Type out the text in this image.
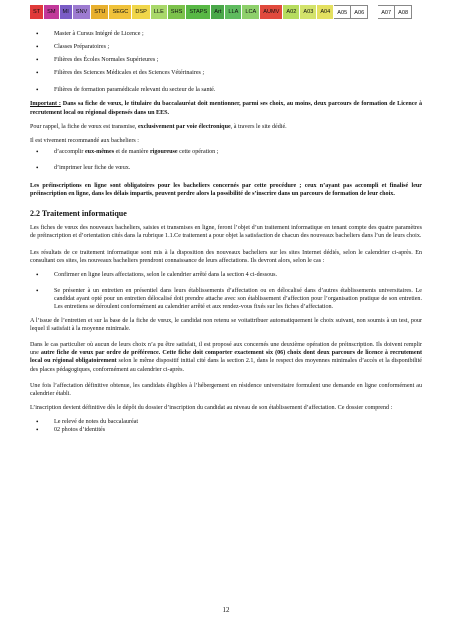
ST	SM	MI	SNV	STU	SEGC	DSP	LLE	SHS	STAPS	Art	LLA	LCA	AUMV	A02	A03	A04	A05	A06	A07	A08
• Master à Cursus Intégré de Licence ;
• Classes Préparatoires ;
• Filières des Écoles Normales Supérieures ;
• Filières des Sciences Médicales et des Sciences Vétérinaires ;
• Filières de formation paramédicale relevant du secteur de la santé.

Important : Dans sa fiche de vœux, le titulaire du baccalauréat doit mentionner, parmi ses choix, au moins, deux parcours de formation de Licence à recrutement local ou régional dispensés dans un EES.

Pour rappel, la fiche de vœux est transmise, exclusivement par voie électronique, à travers le site dédié.

Il est vivement recommandé aux bacheliers :

• d’accomplir eux-mêmes et de manière rigoureuse cette opération ;
• d’imprimer leur fiche de vœux.

Les préinscriptions en ligne sont obligatoires pour les bacheliers concernés par cette procédure ; ceux n’ayant pas accompli et finalisé leur préinscription en ligne, dans les délais impartis, peuvent perdre alors la possibilité de s’inscrire dans un parcours de formation de leur choix.

2.2 Traitement informatique

Les fiches de vœux des nouveaux bacheliers, saisies et transmises en ligne, feront l’objet d’un traitement informatique en tenant compte des quatre paramètres de préinscription et d’orientation cités dans la rubrique 1.1.Ce traitement a pour objet la satisfaction de chacun des nouveaux bacheliers dans l’un de leurs choix.

Les résultats de ce traitement informatique sont mis à la disposition des nouveaux bacheliers sur les sites Internet dédiés, selon le calendrier ci-après. En consultant ces sites, les nouveaux bacheliers prendront connaissance de leurs affectations. Ils devront alors, selon le cas :

• Confirmer en ligne leurs affectations, selon le calendrier arrêté dans la section 4 ci-dessous.
• Se présenter à un entretien en présentiel dans leurs établissements d’affectation ou en délocalisé dans d’autres établissements universitaires. Le candidat ayant opté pour un entretien délocalisé doit prendre attache avec son établissement d’affection pour l’organisation pratique de son entretien. Les entretiens se déroulent conformément au calendrier arrêté et aux rendez-vous fixés sur les fiches d’affectation.

A l’issue de l’entretien et sur la base de la fiche de vœux, le candidat non retenu se voitattribuer automatiquement le choix suivant, non soumis à un test, pour lequel il satisfait à la moyenne minimale.

Dans le cas particulier où aucun de leurs choix n’a pu être satisfait, il est proposé aux concernés une deuxième opération de préinscription. Ils doivent remplir une autre fiche de vœux par ordre de préférence. Cette fiche doit comporter exactement six (06) choix dont deux parcours de licence à recrutement local ou régional obligatoirement selon le même dispositif initial cité dans la section 2.1, dans le respect des moyennes minimales d’accès et la disponibilité des places pédagogiques, conformément au calendrier ci-après.

Une fois l’affectation définitive obtenue, les candidats éligibles à l’hébergement en résidence universitaire formulent une demande en ligne conformément au calendrier établi.

L’inscription devient définitive dès le dépôt du dossier d’inscription du candidat au niveau de son établissement d’affectation. Ce dossier comprend :

• Le relevé de notes du baccalauréat
• 02 photos d’identités
12
